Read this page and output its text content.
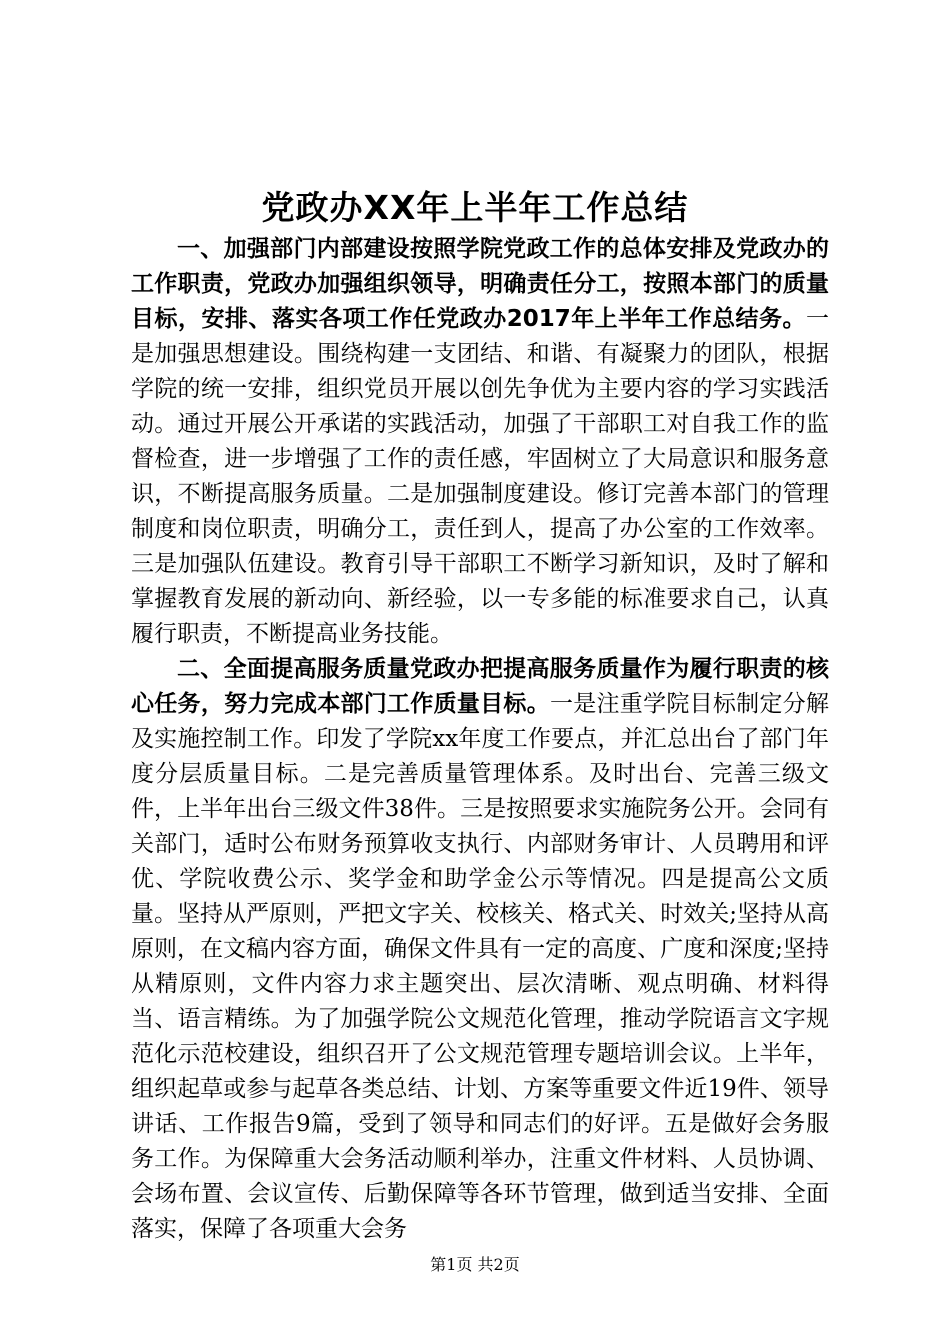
党政办XX年上半年工作总结

一、加强部门内部建设按照学院党政工作的总体安排及党政办的工作职责，党政办加强组织领导，明确责任分工，按照本部门的质量目标，安排、落实各项工作任党政办2017年上半年工作总结务。一是加强思想建设。围绕构建一支团结、和谐、有凝聚力的团队，根据学院的统一安排，组织党员开展以创先争优为主要内容的学习实践活动。通过开展公开承诺的实践活动，加强了干部职工对自我工作的监督检查，进一步增强了工作的责任感，牢固树立了大局意识和服务意识，不断提高服务质量。二是加强制度建设。修订完善本部门的管理制度和岗位职责，明确分工，责任到人，提高了办公室的工作效率。三是加强队伍建设。教育引导干部职工不断学习新知识，及时了解和掌握教育发展的新动向、新经验，以一专多能的标准要求自己，认真履行职责，不断提高业务技能。

二、全面提高服务质量党政办把提高服务质量作为履行职责的核心任务，努力完成本部门工作质量目标。一是注重学院目标制定分解及实施控制工作。印发了学院xx年度工作要点，并汇总出台了部门年度分层质量目标。二是完善质量管理体系。及时出台、完善三级文件，上半年出台三级文件38件。三是按照要求实施院务公开。会同有关部门，适时公布财务预算收支执行、内部财务审计、人员聘用和评优、学院收费公示、奖学金和助学金公示等情况。四是提高公文质量。坚持从严原则，严把文字关、校核关、格式关、时效关;坚持从高原则，在文稿内容方面，确保文件具有一定的高度、广度和深度;坚持从精原则，文件内容力求主题突出、层次清晰、观点明确、材料得当、语言精练。为了加强学院公文规范化管理，推动学院语言文字规范化示范校建设，组织召开了公文规范管理专题培训会议。上半年，组织起草或参与起草各类总结、计划、方案等重要文件近19件、领导讲话、工作报告9篇，受到了领导和同志们的好评。五是做好会务服务工作。为保障重大会务活动顺利举办，注重文件材料、人员协调、会场布置、会议宣传、后勤保障等各环节管理，做到适当安排、全面落实，保障了各项重大会务

第1页 共2页
